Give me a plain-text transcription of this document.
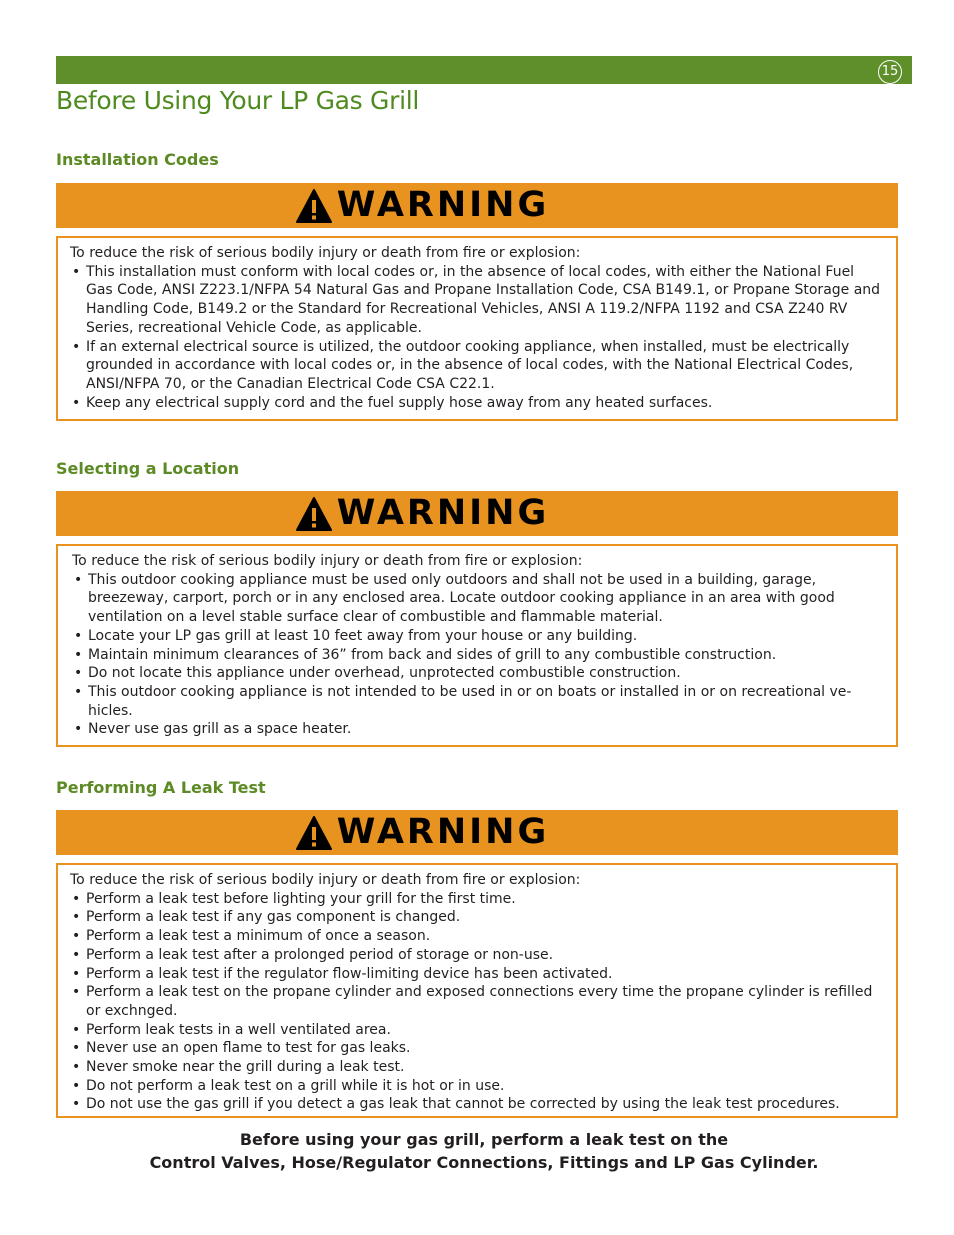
15
Before Using Your LP Gas Grill
Installation Codes
WARNING

To reduce the risk of serious bodily injury or death from fire or explosion:

• This installation must conform with local codes or, in the absence of local codes, with either the National Fuel Gas Code, ANSI Z223.1/NFPA 54 Natural Gas and Propane Installation Code, CSA B149.1, or Propane Storage and Handling Code, B149.2 or the Standard for Recreational Vehicles, ANSI A 119.2/NFPA 1192 and CSA Z240 RV Series, recreational Vehicle Code, as applicable.
• If an external electrical source is utilized, the outdoor cooking appliance, when installed, must be electrically grounded in accordance with local codes or, in the absence of local codes, with the National Electrical Codes, ANSI/NFPA 70, or the Canadian Electrical Code CSA C22.1.
• Keep any electrical supply cord and the fuel supply hose away from any heated surfaces.
Selecting a Location
WARNING

To reduce the risk of serious bodily injury or death from fire or explosion:

• This outdoor cooking appliance must be used only outdoors and shall not be used in a building, garage, breezeway, carport, porch or in any enclosed area. Locate outdoor cooking appliance in an area with good ventilation on a level stable surface clear of combustible and flammable material.
• Locate your LP gas grill at least 10 feet away from your house or any building.
• Maintain minimum clearances of 36” from back and sides of grill to any combustible construction.
• Do not locate this appliance under overhead, unprotected combustible construction.
• This outdoor cooking appliance is not intended to be used in or on boats or installed in or on recreational ve-hicles.
• Never use gas grill as a space heater.
Performing A Leak Test
WARNING

To reduce the risk of serious bodily injury or death from fire or explosion:

• Perform a leak test before lighting your grill for the first time.
• Perform a leak test if any gas component is changed.
• Perform a leak test a minimum of once a season.
• Perform a leak test after a prolonged period of storage or non-use.
• Perform a leak test if the regulator flow-limiting device has been activated.
• Perform a leak test on the propane cylinder and exposed connections every time the propane cylinder is refilled or exchnged.
• Perform leak tests in a well ventilated area.
• Never use an open flame to test for gas leaks.
• Never smoke near the grill during a leak test.
• Do not perform a leak test on a grill while it is hot or in use.
• Do not use the gas grill if you detect a gas leak that cannot be corrected by using the leak test procedures.
Before using your gas grill, perform a leak test on the
Control Valves, Hose/Regulator Connections, Fittings and LP Gas Cylinder.
